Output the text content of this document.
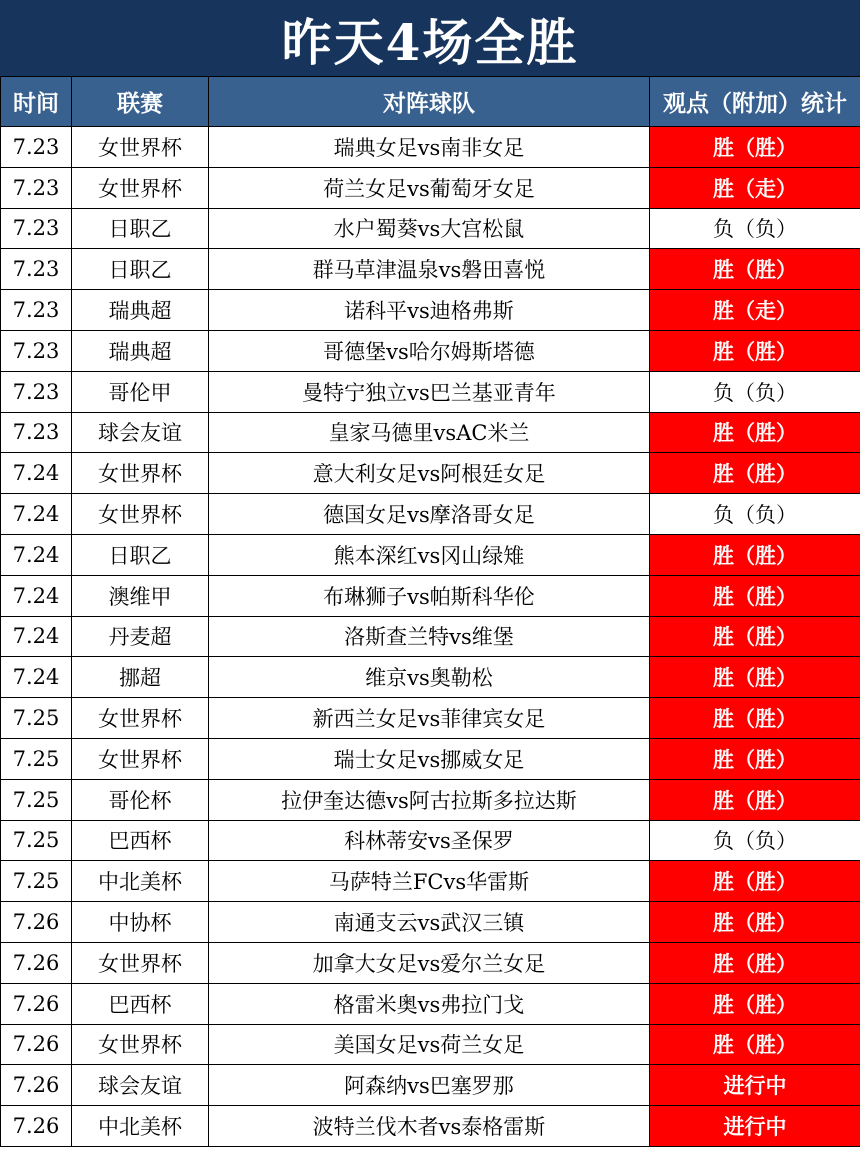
昨天4场全胜
时间	联赛	对阵球队	观点（附加）统计
7.23	女世界杯	瑞典女足vs南非女足	胜（胜）
7.23	女世界杯	荷兰女足vs葡萄牙女足	胜（走）
7.23	日职乙	水户蜀葵vs大宫松鼠	负（负）
7.23	日职乙	群马草津温泉vs磐田喜悦	胜（胜）
7.23	瑞典超	诺科平vs迪格弗斯	胜（走）
7.23	瑞典超	哥德堡vs哈尔姆斯塔德	胜（胜）
7.23	哥伦甲	曼特宁独立vs巴兰基亚青年	负（负）
7.23	球会友谊	皇家马德里vsAC米兰	胜（胜）
7.24	女世界杯	意大利女足vs阿根廷女足	胜（胜）
7.24	女世界杯	德国女足vs摩洛哥女足	负（负）
7.24	日职乙	熊本深红vs冈山绿雉	胜（胜）
7.24	澳维甲	布琳狮子vs帕斯科华伦	胜（胜）
7.24	丹麦超	洛斯查兰特vs维堡	胜（胜）
7.24	挪超	维京vs奥勒松	胜（胜）
7.25	女世界杯	新西兰女足vs菲律宾女足	胜（胜）
7.25	女世界杯	瑞士女足vs挪威女足	胜（胜）
7.25	哥伦杯	拉伊奎达德vs阿古拉斯多拉达斯	胜（胜）
7.25	巴西杯	科林蒂安vs圣保罗	负（负）
7.25	中北美杯	马萨特兰FCvs华雷斯	胜（胜）
7.26	中协杯	南通支云vs武汉三镇	胜（胜）
7.26	女世界杯	加拿大女足vs爱尔兰女足	胜（胜）
7.26	巴西杯	格雷米奥vs弗拉门戈	胜（胜）
7.26	女世界杯	美国女足vs荷兰女足	胜（胜）
7.26	球会友谊	阿森纳vs巴塞罗那	进行中
7.26	中北美杯	波特兰伐木者vs泰格雷斯	进行中
